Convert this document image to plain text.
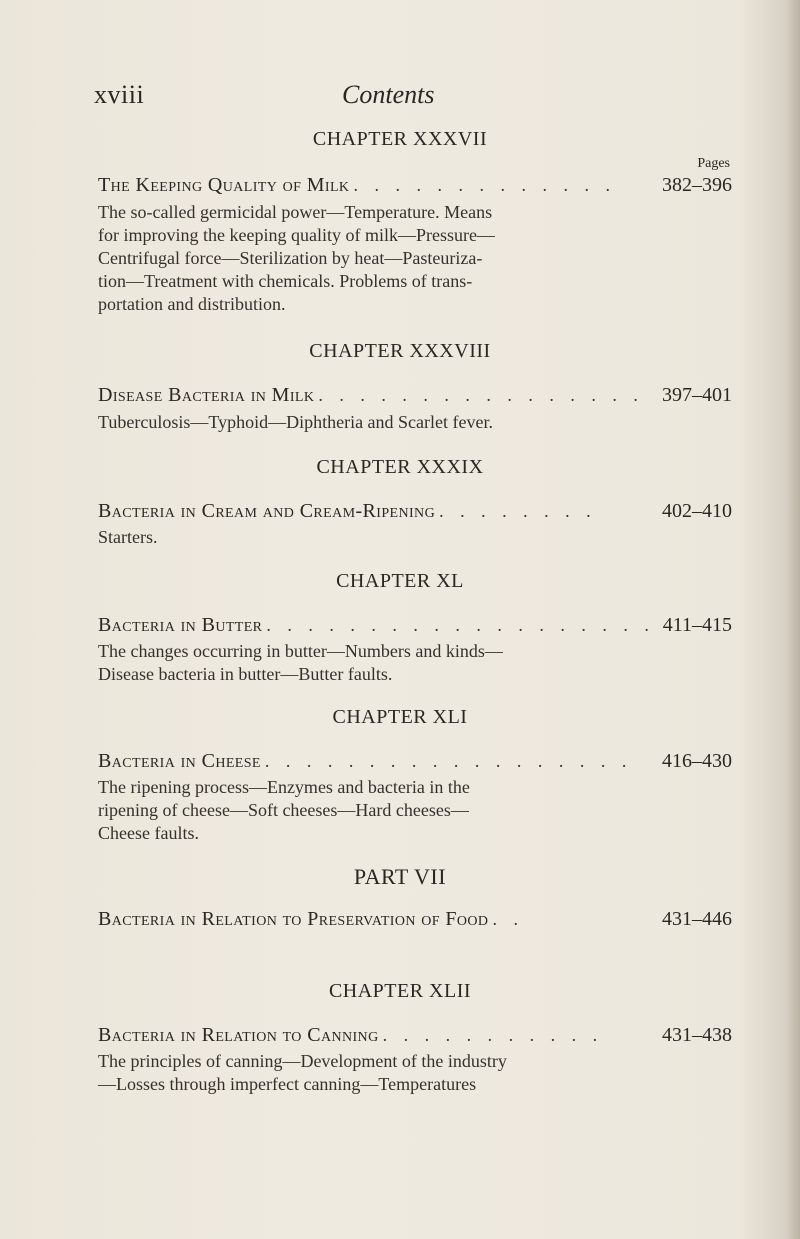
xviii	Contents
CHAPTER XXXVII
Pages
The Keeping Quality of Milk . . . . . . . . . . . . .	382–396
The so-called germicidal power—Temperature. Means
for improving the keeping quality of milk—Pressure—
Centrifugal force—Sterilization by heat—Pasteuriza-
tion—Treatment with chemicals. Problems of trans-
portation and distribution.
CHAPTER XXXVIII
Disease Bacteria in Milk . . . . . . . . . . . . . . . . 397–401
Tuberculosis—Typhoid—Diphtheria and Scarlet fever.
CHAPTER XXXIX
Bacteria in Cream and Cream-Ripening . . . . . . . .	402–410
Starters.
CHAPTER XL
Bacteria in Butter . . . . . . . . . . . . . . . . . . . 411–415
The changes occurring in butter—Numbers and kinds—
Disease bacteria in butter—Butter faults.
CHAPTER XLI
Bacteria in Cheese . . . . . . . . . . . . . . . . . .	416–430
The ripening process—Enzymes and bacteria in the
ripening of cheese—Soft cheeses—Hard cheeses—
Cheese faults.
PART VII
Bacteria in Relation to Preservation of Food . .	431–446
CHAPTER XLII
Bacteria in Relation to Canning . . . . . . . . . . .	431–438
The principles of canning—Development of the industry
—Losses through imperfect canning—Temperatures
